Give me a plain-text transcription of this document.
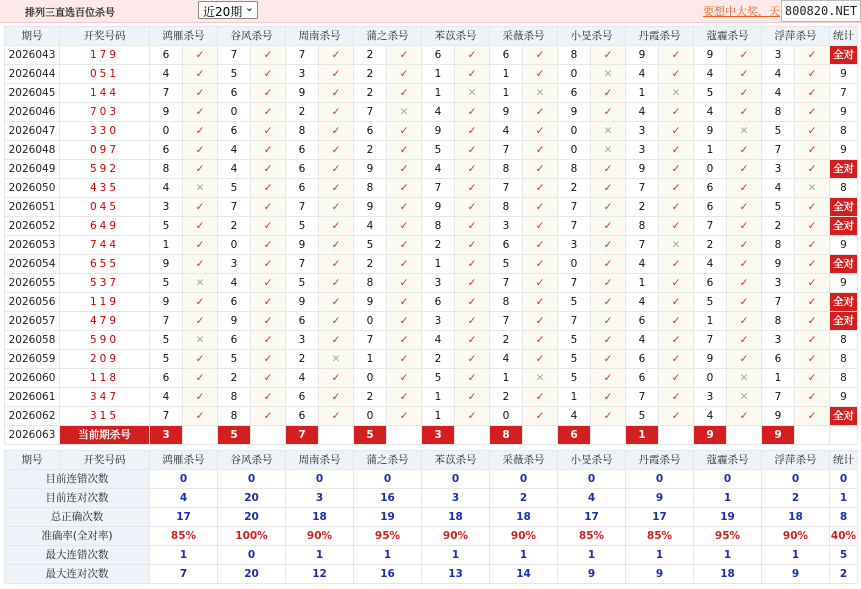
排列三直选百位杀号	近20期 ⌄	要想中大奖，天 800820.NET
期号	开奖号码	鸿雁杀号		谷风杀号		周南杀号		蒲之杀号		苯苡杀号		采薇杀号		小旻杀号		丹霞杀号		蔻霾杀号		浮萍杀号		统计
2026043	179	6	✓	7	✓	7	✓	2	✓	6	✓	6	✓	8	✓	9	✓	9	✓	3	✓	全对
2026044	051	4	✓	5	✓	3	✓	2	✓	1	✓	1	✓	0	✕	4	✓	4	✓	4	✓	9
2026045	144	7	✓	6	✓	9	✓	2	✓	1	✕	1	✕	6	✓	1	✕	5	✓	4	✓	7
2026046	703	9	✓	0	✓	2	✓	7	✕	4	✓	9	✓	9	✓	4	✓	4	✓	8	✓	9
2026047	330	0	✓	6	✓	8	✓	6	✓	9	✓	4	✓	0	✕	3	✓	9	✕	5	✓	8
2026048	097	6	✓	4	✓	6	✓	2	✓	5	✓	7	✓	0	✕	3	✓	1	✓	7	✓	9
2026049	592	8	✓	4	✓	6	✓	9	✓	4	✓	8	✓	8	✓	9	✓	0	✓	3	✓	全对
2026050	435	4	✕	5	✓	6	✓	8	✓	7	✓	7	✓	2	✓	7	✓	6	✓	4	✕	8
2026051	045	3	✓	7	✓	7	✓	9	✓	9	✓	8	✓	7	✓	2	✓	6	✓	5	✓	全对
2026052	649	5	✓	2	✓	5	✓	4	✓	8	✓	3	✓	7	✓	8	✓	7	✓	2	✓	全对
2026053	744	1	✓	0	✓	9	✓	5	✓	2	✓	6	✓	3	✓	7	✕	2	✓	8	✓	9
2026054	655	9	✓	3	✓	7	✓	2	✓	1	✓	5	✓	0	✓	4	✓	4	✓	9	✓	全对
2026055	537	5	✕	4	✓	5	✓	8	✓	3	✓	7	✓	7	✓	1	✓	6	✓	3	✓	9
2026056	119	9	✓	6	✓	9	✓	9	✓	6	✓	8	✓	5	✓	4	✓	5	✓	7	✓	全对
2026057	479	7	✓	9	✓	6	✓	0	✓	3	✓	7	✓	7	✓	6	✓	1	✓	8	✓	全对
2026058	590	5	✕	6	✓	3	✓	7	✓	4	✓	2	✓	5	✓	4	✓	7	✓	3	✓	8
2026059	209	5	✓	5	✓	2	✕	1	✓	2	✓	4	✓	5	✓	6	✓	9	✓	6	✓	8
2026060	118	6	✓	2	✓	4	✓	0	✓	5	✓	1	✕	5	✓	6	✓	0	✕	1	✓	8
2026061	347	4	✓	8	✓	6	✓	2	✓	1	✓	2	✓	1	✓	7	✓	3	✕	7	✓	9
2026062	315	7	✓	8	✓	6	✓	0	✓	1	✓	0	✓	4	✓	5	✓	4	✓	9	✓	全对
2026063	当前期杀号	3		5		7		5		3		8		6		1		9		9		
期号	开奖号码	鸿雁杀号	谷风杀号	周南杀号	蒲之杀号	苯苡杀号	采薇杀号	小旻杀号	丹霞杀号	蔻霾杀号	浮萍杀号	统计
目前连错次数		0	0	0	0	0	0	0	0	0	0	0
目前连对次数		4	20	3	16	3	2	4	9	1	2	1
总正确次数		17	20	18	19	18	18	17	17	19	18	8
准确率(全对率)		85%	100%	90%	95%	90%	90%	85%	85%	95%	90%	40%
最大连错次数		1	0	1	1	1	1	1	1	1	1	5
最大连对次数		7	20	12	16	13	14	9	9	18	9	2
